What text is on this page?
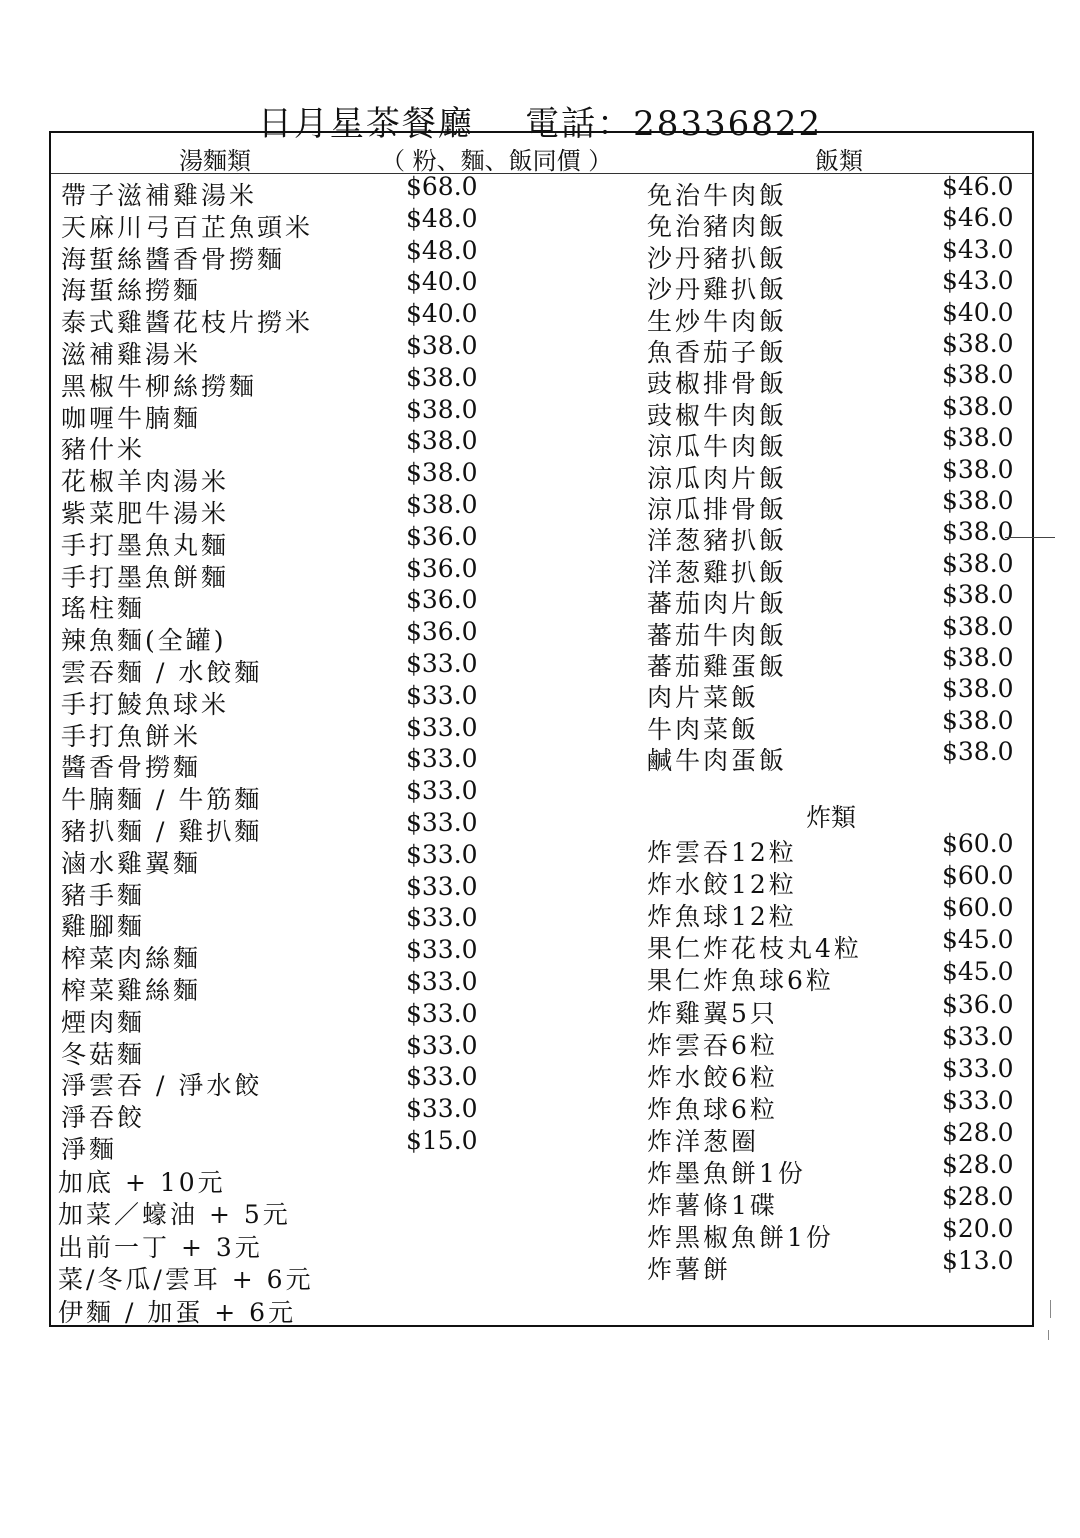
日月星茶餐廳 電話：28336822
湯麵類	（ 粉、麵、飯同價 ）	飯類
帶子滋補雞湯米	$68.0
天麻川弓百芷魚頭米	$48.0
海蜇絲醬香骨撈麵	$48.0
海蜇絲撈麵	$40.0
泰式雞醬花枝片撈米	$40.0
滋補雞湯米	$38.0
黑椒牛柳絲撈麵	$38.0
咖喱牛腩麵	$38.0
豬什米	$38.0
花椒羊肉湯米	$38.0
紫菜肥牛湯米	$38.0
手打墨魚丸麵	$36.0
手打墨魚餅麵	$36.0
瑤柱麵	$36.0
辣魚麵(全罐)	$36.0
雲吞麵 / 水餃麵	$33.0
手打鯪魚球米	$33.0
手打魚餅米	$33.0
醬香骨撈麵	$33.0
牛腩麵 / 牛筋麵	$33.0
豬扒麵 / 雞扒麵	$33.0
滷水雞翼麵	$33.0
豬手麵	$33.0
雞腳麵	$33.0
榨菜肉絲麵	$33.0
榨菜雞絲麵	$33.0
煙肉麵	$33.0
冬菇麵	$33.0
淨雲吞 / 淨水餃	$33.0
淨吞餃	$33.0
淨麵	$15.0
加底 + 10元
加菜／蠔油 + 5元
出前一丁 + 3元
菜/冬瓜/雲耳 + 6元
伊麵 / 加蛋 + 6元
免治牛肉飯	$46.0
免治豬肉飯	$46.0
沙丹豬扒飯	$43.0
沙丹雞扒飯	$43.0
生炒牛肉飯	$40.0
魚香茄子飯	$38.0
豉椒排骨飯	$38.0
豉椒牛肉飯	$38.0
涼瓜牛肉飯	$38.0
涼瓜肉片飯	$38.0
涼瓜排骨飯	$38.0
洋葱豬扒飯	$38.0
洋葱雞扒飯	$38.0
蕃茄肉片飯	$38.0
蕃茄牛肉飯	$38.0
蕃茄雞蛋飯	$38.0
肉片菜飯	$38.0
牛肉菜飯	$38.0
鹹牛肉蛋飯	$38.0
炸類
炸雲吞12粒	$60.0
炸水餃12粒	$60.0
炸魚球12粒	$60.0
果仁炸花枝丸4粒	$45.0
果仁炸魚球6粒	$45.0
炸雞翼5只	$36.0
炸雲吞6粒	$33.0
炸水餃6粒	$33.0
炸魚球6粒	$33.0
炸洋葱圈	$28.0
炸墨魚餅1份	$28.0
炸薯條1碟	$28.0
炸黑椒魚餅1份	$20.0
炸薯餅	$13.0
